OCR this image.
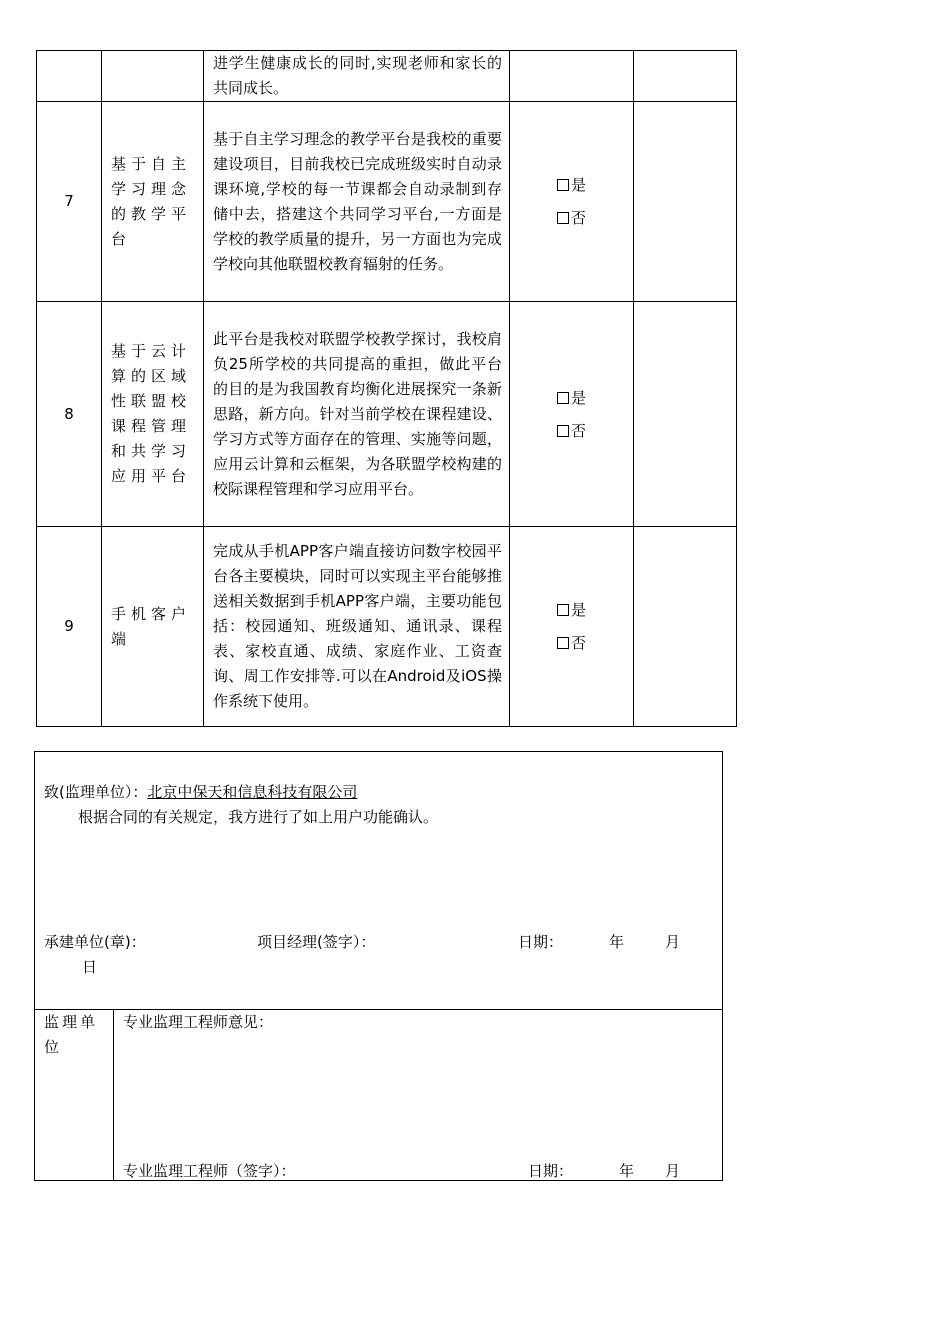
		进学生健康成长的同时,实现老师和家长的共同成长。		
7	基于自主学习理念的教学平台	基于自主学习理念的教学平台是我校的重要建设项目，目前我校已完成班级实时自动录课环境,学校的每一节课都会自动录制到存储中去，搭建这个共同学习平台,一方面是学校的教学质量的提升，另一方面也为完成学校向其他联盟校教育辐射的任务。	是
否	

8	基于云计算的区域性联盟校课程管理和共学习应用平台	此平台是我校对联盟学校教学探讨，我校肩负25所学校的共同提高的重担，做此平台的目的是为我国教育均衡化进展探究一条新思路，新方向。针对当前学校在课程建设、学习方式等方面存在的管理、实施等问题，应用云计算和云框架，为各联盟学校构建的校际课程管理和学习应用平台。	是
否	

9	手机客户端	完成从手机APP客户端直接访问数字校园平台各主要模块，同时可以实现主平台能够推送相关数据到手机APP客户端，主要功能包括：校园通知、班级通知、通讯录、课程表、家校直通、成绩、家庭作业、工资查询、周工作安排等.可以在Android及iOS操作系统下使用。	是
否	

致(监理单位）：北京中保天和信息科技有限公司
根据合同的有关规定，我方进行了如上用户功能确认。
承建单位(章)：	项目经理(签字）：	日期：	年	月
日
监理单
位
专业监理工程师意见：
专业监理工程师（签字）：	日期：	年 月
